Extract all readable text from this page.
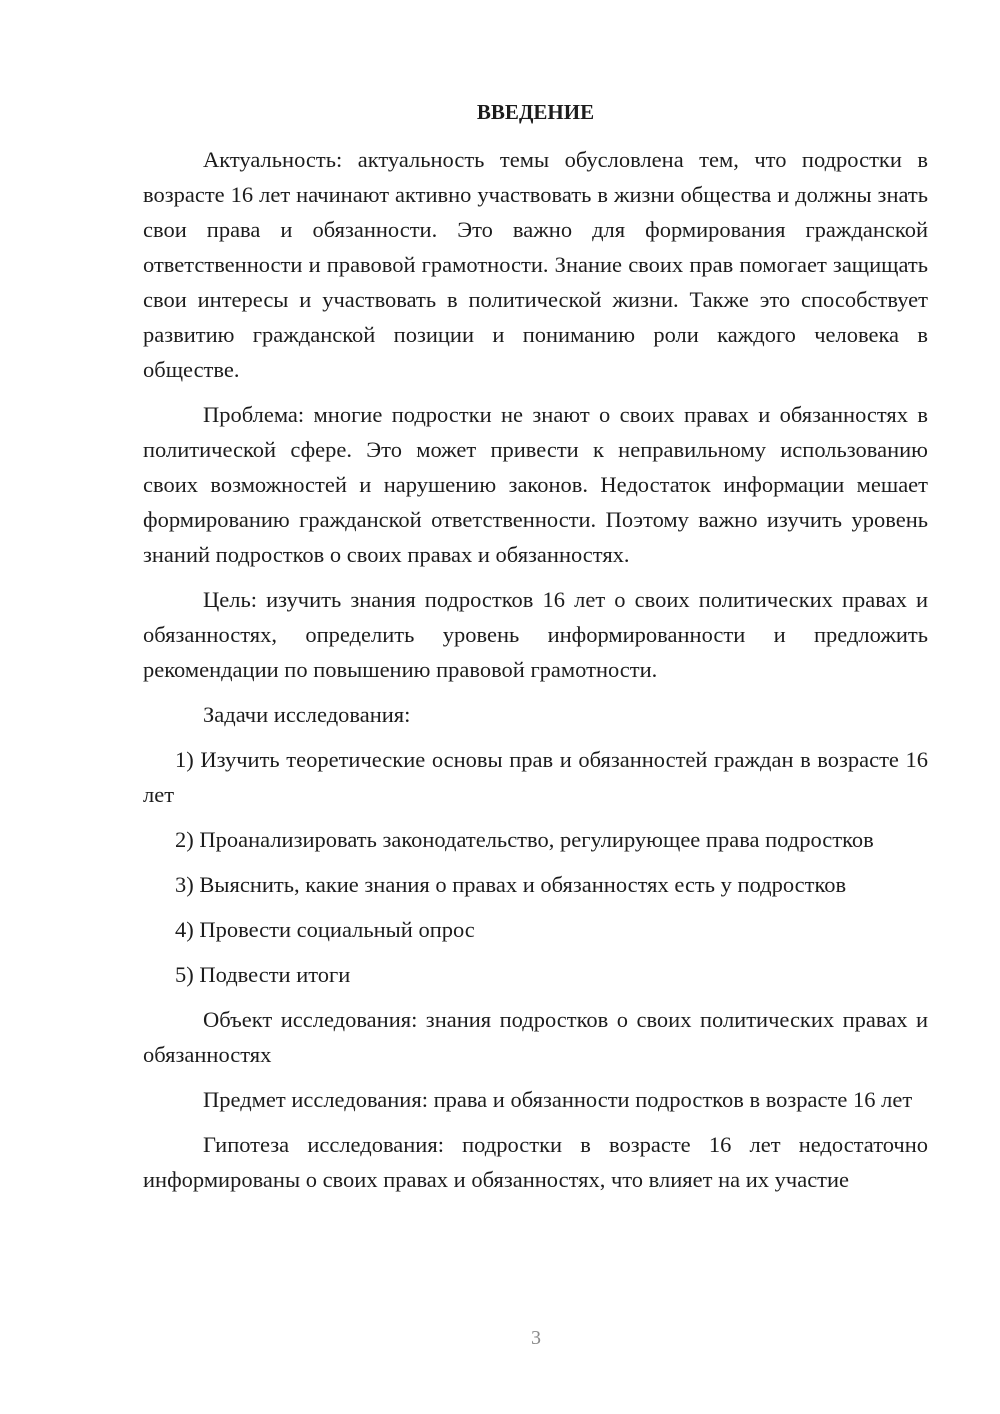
ВВЕДЕНИЕ

Актуальность: актуальность темы обусловлена тем, что подростки в возрасте 16 лет начинают активно участвовать в жизни общества и должны знать свои права и обязанности. Это важно для формирования гражданской ответственности и правовой грамотности. Знание своих прав помогает защищать свои интересы и участвовать в политической жизни. Также это способствует развитию гражданской позиции и пониманию роли каждого человека в обществе.

Проблема: многие подростки не знают о своих правах и обязанностях в политической сфере. Это может привести к неправильному использованию своих возможностей и нарушению законов. Недостаток информации мешает формированию гражданской ответственности. Поэтому важно изучить уровень знаний подростков о своих правах и обязанностях.

Цель: изучить знания подростков 16 лет о своих политических правах и обязанностях, определить уровень информированности и предложить рекомендации по повышению правовой грамотности.

Задачи исследования:

1) Изучить теоретические основы прав и обязанностей граждан в возрасте 16 лет

2) Проанализировать законодательство, регулирующее права подростков

3) Выяснить, какие знания о правах и обязанностях есть у подростков

4) Провести социальный опрос

5) Подвести итоги

Объект исследования: знания подростков о своих политических правах и обязанностях

Предмет исследования: права и обязанности подростков в возрасте 16 лет

Гипотеза исследования: подростки в возрасте 16 лет недостаточно информированы о своих правах и обязанностях, что влияет на их участие

3
